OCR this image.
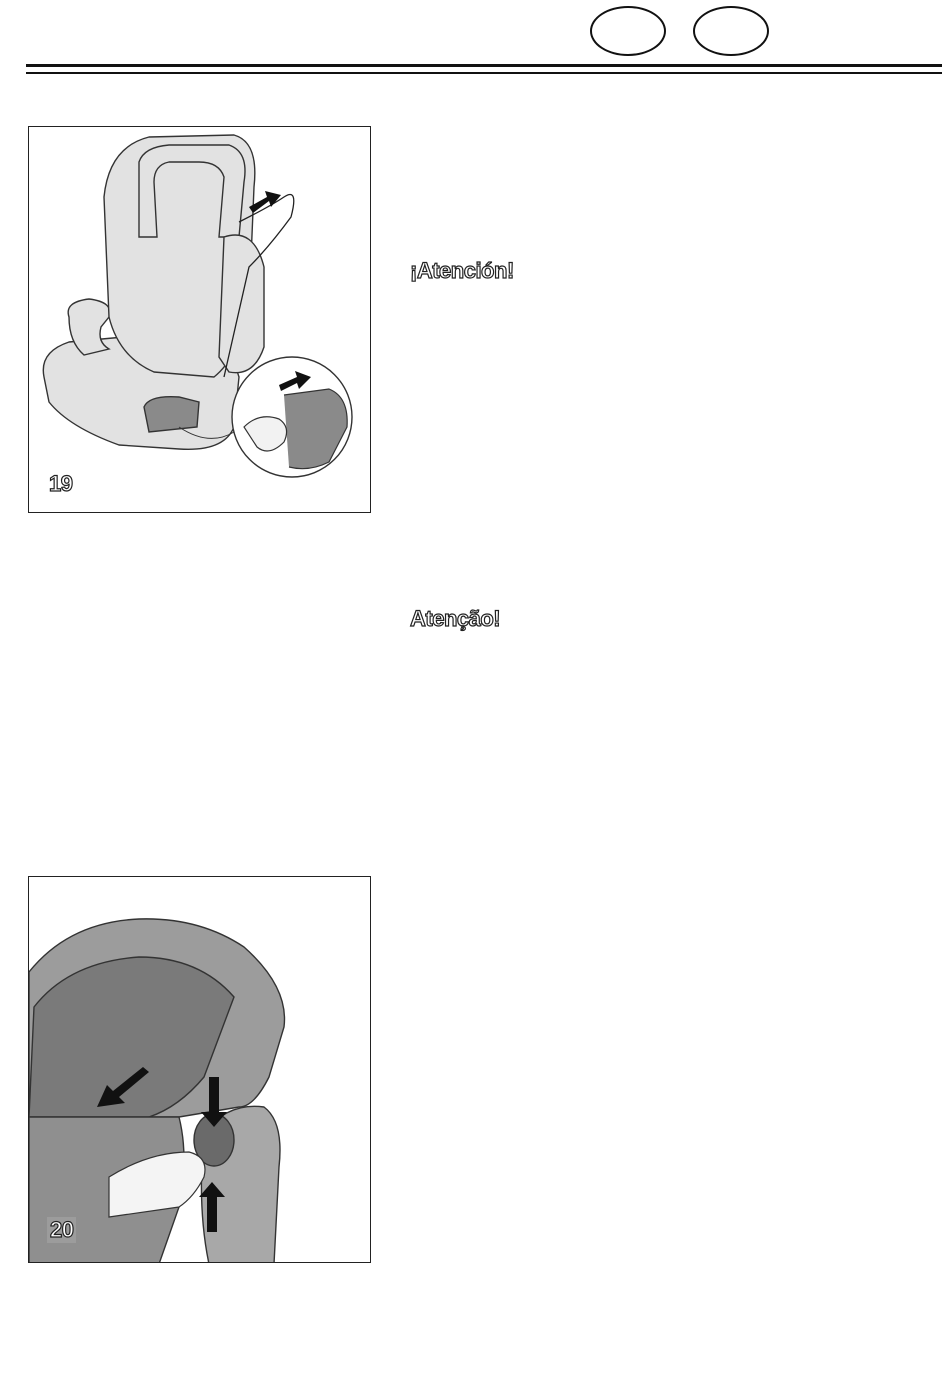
19
¡Atención!
Atenção!
20
